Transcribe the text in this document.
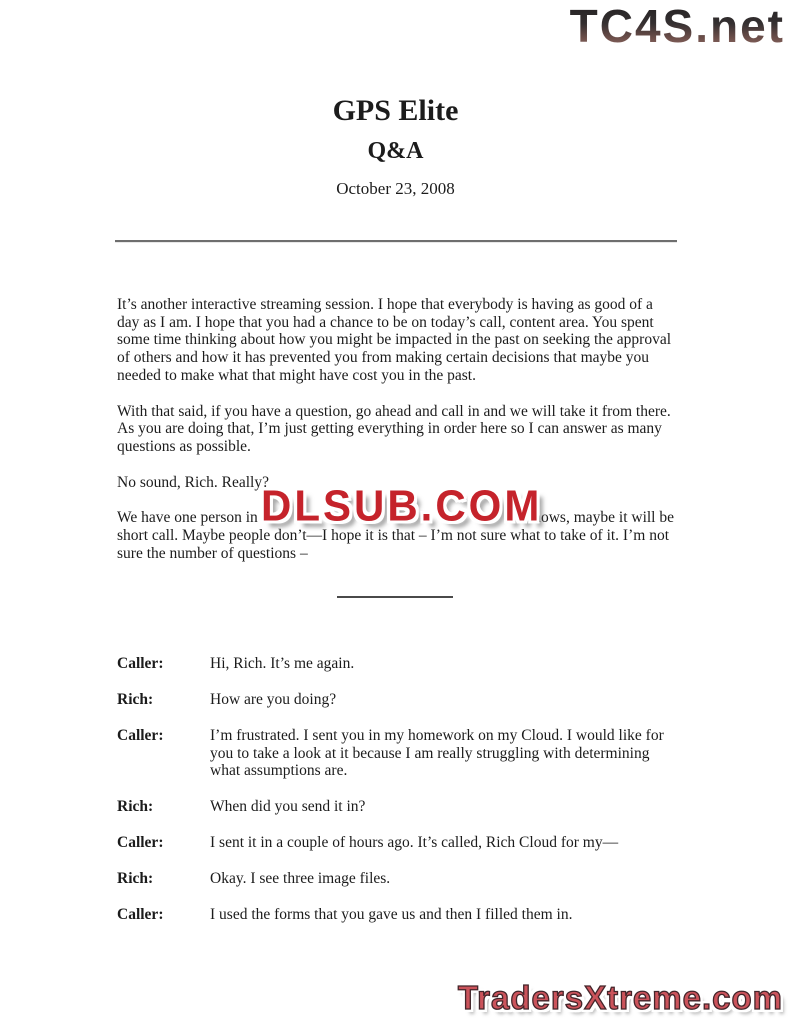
TC4S.net
GPS Elite
Q&A
October 23, 2008
It’s another interactive streaming session. I hope that everybody is having as good of a
day as I am. I hope that you had a chance to be on today’s call, content area. You spent
some time thinking about how you might be impacted in the past on seeking the approval
of others and how it has prevented you from making certain decisions that maybe you
needed to make what that might have cost you in the past.
With that said, if you have a question, go ahead and call in and we will take it from there.
As you are doing that, I’m just getting everything in order here so I can answer as many
questions as possible.
No sound, Rich. Really?
We have one person in	nows, maybe it will be
short call. Maybe people don’t—I hope it is that – I’m not sure what to take of it. I’m not
sure the number of questions –
DLSUB.COM
Caller:	Hi, Rich. It’s me again.
Rich:	How are you doing?
Caller:	I’m frustrated. I sent you in my homework on my Cloud. I would like for you to take a look at it because I am really struggling with determining what assumptions are.
Rich:	When did you send it in?
Caller:	I sent it in a couple of hours ago. It’s called, Rich Cloud for my—
Rich:	Okay. I see three image files.
Caller:	I used the forms that you gave us and then I filled them in.
TradersXtreme.com
